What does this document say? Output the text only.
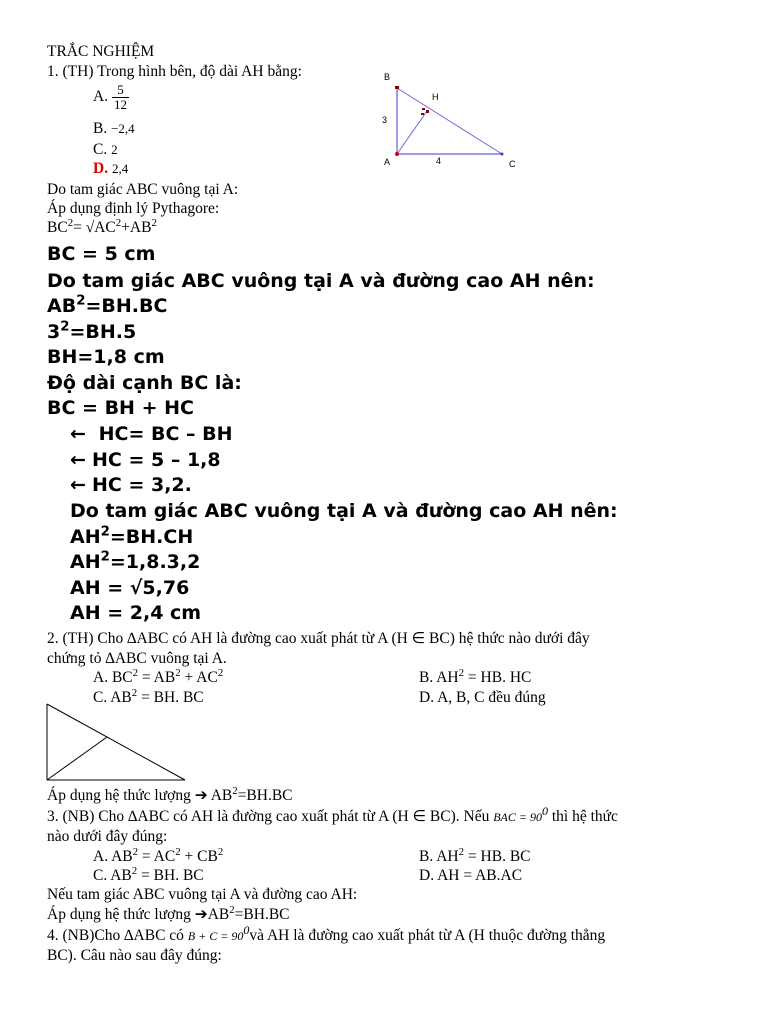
TRẮC NGHIỆM
1. (TH) Trong hình bên, độ dài AH bằng:
A. $\frac{5}{12}$
B. −2,4
C. 2
D. 2,4
B
H
A	C
3
4
Do tam giác ABC vuông tại A:
Áp dụng định lý Pythagore:
$BC^2= √AC^2+AB^2$
BC = 5 cm
Do tam giác ABC vuông tại A và đường cao AH nên:
$AB^2=BH.BC$
$3^2=BH.5$
BH=1,8 cm
Độ dài cạnh BC là:
BC = BH + HC
← HC= BC – BH
← HC = 5 – 1,8
← HC = 3,2.
Do tam giác ABC vuông tại A và đường cao AH nên:
$AH^2=BH.CH$
$AH^2=1,8.3,2$
AH = √5,76
AH = 2,4 cm
2. (TH) Cho ∆ABC có AH là đường cao xuất phát từ A (H ∈ BC) hệ thức nào dưới đây
chứng tỏ ∆ABC vuông tại A.
A. $BC^2 = AB^2 + AC^2$	B. $AH^2$ = HB. HC
C. $AB^2$ = BH. BC	D. A, B, C đều đúng
Áp dụng hệ thức lượng ➔ $AB^2=BH.BC$
3. (NB) Cho ∆ABC có AH là đường cao xuất phát từ A (H ∈ BC). Nếu BAC = $90^0$ thì hệ thức
nào dưới đây đúng:
A. $AB^2 = AC^2 + CB^2$	B. $AH^2$ = HB. BC
C. $AB^2$ = BH. BC	D. AH = AB.AC
Nếu tam giác ABC vuông tại A và đường cao AH:
Áp dụng hệ thức lượng $➔AB^2=BH.BC$
4. (NB)Cho ∆ABC có $B + C = 90^0và$ AH là đường cao xuất phát từ A (H thuộc đường thẳng
BC). Câu nào sau đây đúng:
